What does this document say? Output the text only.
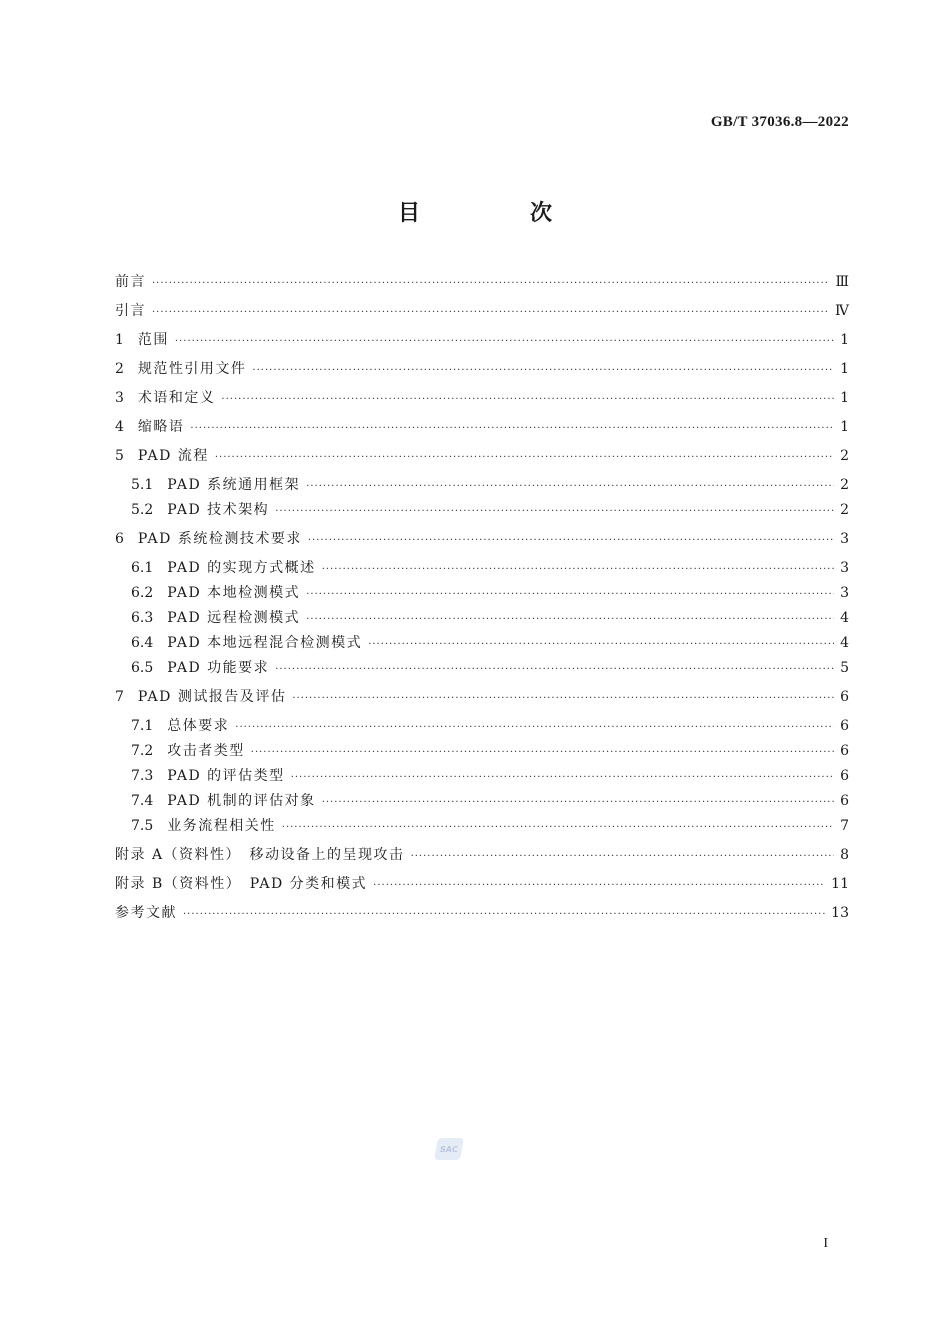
GB/T 37036.8—2022
目　次
前言 ·····	Ⅲ
引言 ·····	Ⅳ
1 范围 ·····	1
2 规范性引用文件 ·····	1
3 术语和定义 ·····	1
4 缩略语 ·····	1
5 PAD 流程 ·····	2
5.1 PAD 系统通用框架 ·····	2
5.2 PAD 技术架构 ·····	2
6 PAD 系统检测技术要求 ·····	3
6.1 PAD 的实现方式概述 ·····	3
6.2 PAD 本地检测模式 ·····	3
6.3 PAD 远程检测模式 ·····	4
6.4 PAD 本地远程混合检测模式 ·····	4
6.5 PAD 功能要求 ·····	5
7 PAD 测试报告及评估 ·····	6
7.1 总体要求 ·····	6
7.2 攻击者类型 ·····	6
7.3 PAD 的评估类型 ·····	6
7.4 PAD 机制的评估对象 ·····	6
7.5 业务流程相关性 ·····	7
附录 A（资料性）　移动设备上的呈现攻击 ·····	8
附录 B（资料性）　PAD 分类和模式 ·····	11
参考文献 ·····	13
SAC
I
